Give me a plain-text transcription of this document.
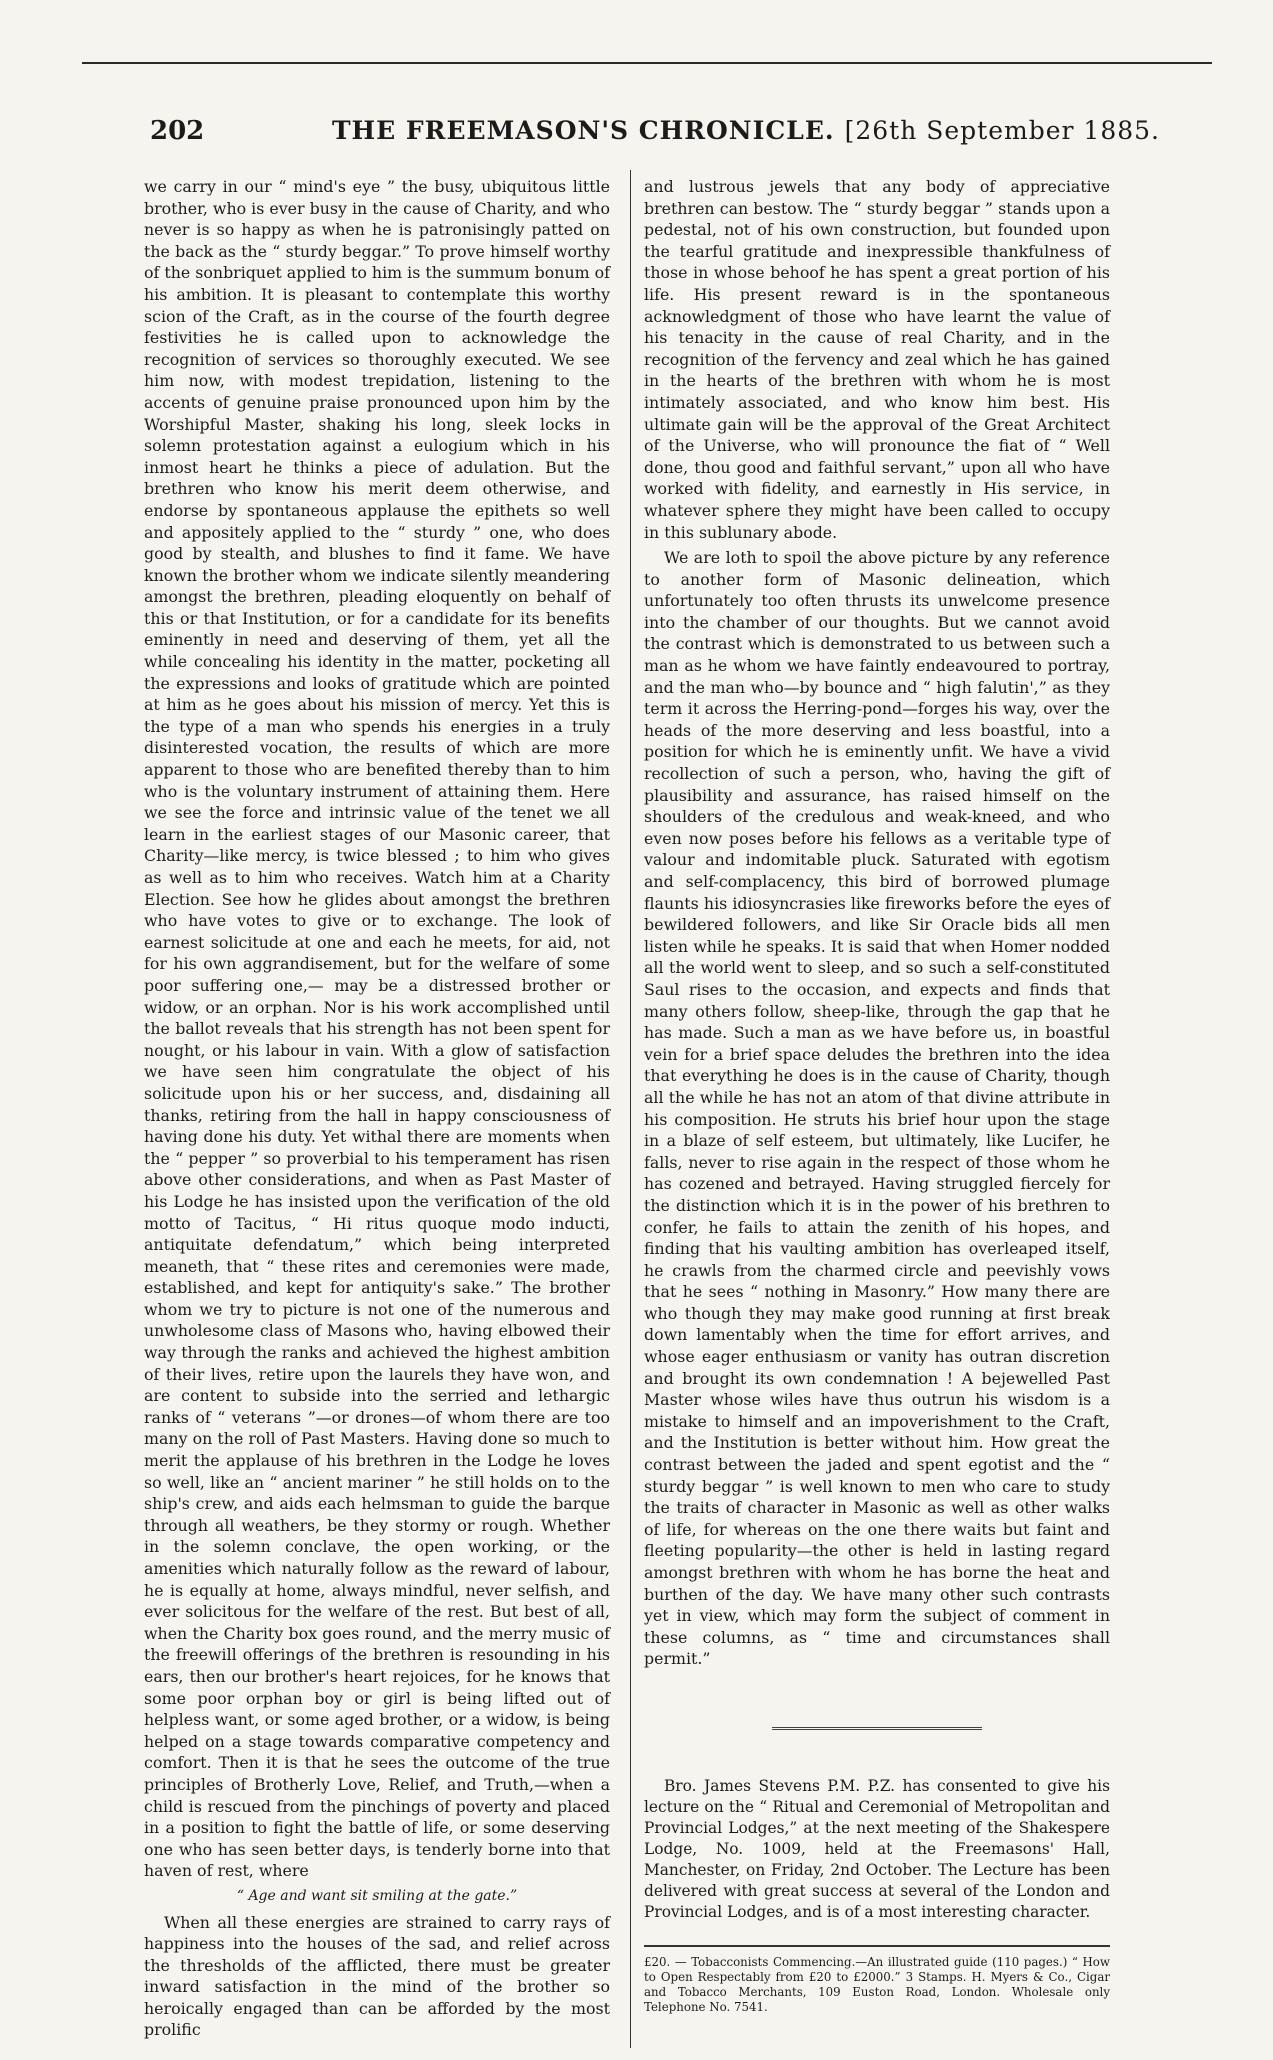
202	THE FREEMASON'S CHRONICLE. [26th September 1885.

we carry in our “ mind's eye ” the busy, ubiquitous little brother, who is ever busy in the cause of Charity, and who never is so happy as when he is patronisingly patted on the back as the “ sturdy beggar.” To prove himself worthy of the sonbriquet applied to him is the summum bonum of his ambition. It is pleasant to contemplate this worthy scion of the Craft, as in the course of the fourth degree festivities he is called upon to acknowledge the recognition of services so thoroughly executed. We see him now, with modest trepidation, listening to the accents of genuine praise pronounced upon him by the Worshipful Master, shaking his long, sleek locks in solemn protestation against a eulogium which in his inmost heart he thinks a piece of adulation. But the brethren who know his merit deem otherwise, and endorse by spontaneous applause the epithets so well and appositely applied to the “ sturdy ” one, who does good by stealth, and blushes to find it fame. We have known the brother whom we indicate silently meandering amongst the brethren, pleading eloquently on behalf of this or that Institution, or for a candidate for its benefits eminently in need and deserving of them, yet all the while concealing his identity in the matter, pocketing all the expressions and looks of gratitude which are pointed at him as he goes about his mission of mercy. Yet this is the type of a man who spends his energies in a truly disinterested vocation, the results of which are more apparent to those who are benefited thereby than to him who is the voluntary instrument of attaining them. Here we see the force and intrinsic value of the tenet we all learn in the earliest stages of our Masonic career, that Charity—like mercy, is twice blessed ; to him who gives as well as to him who receives. Watch him at a Charity Election. See how he glides about amongst the brethren who have votes to give or to exchange. The look of earnest solicitude at one and each he meets, for aid, not for his own aggrandisement, but for the welfare of some poor suffering one,— may be a distressed brother or widow, or an orphan. Nor is his work accomplished until the ballot reveals that his strength has not been spent for nought, or his labour in vain. With a glow of satisfaction we have seen him congratulate the object of his solicitude upon his or her success, and, disdaining all thanks, retiring from the hall in happy consciousness of having done his duty. Yet withal there are moments when the “ pepper ” so proverbial to his temperament has risen above other considerations, and when as Past Master of his Lodge he has insisted upon the verification of the old motto of Tacitus, “ Hi ritus quoque modo inducti, antiquitate defendatum,” which being interpreted meaneth, that “ these rites and ceremonies were made, established, and kept for antiquity's sake.” The brother whom we try to picture is not one of the numerous and unwholesome class of Masons who, having elbowed their way through the ranks and achieved the highest ambition of their lives, retire upon the laurels they have won, and are content to subside into the serried and lethargic ranks of “ veterans ”—or drones—of whom there are too many on the roll of Past Masters. Having done so much to merit the applause of his brethren in the Lodge he loves so well, like an “ ancient mariner ” he still holds on to the ship's crew, and aids each helmsman to guide the barque through all weathers, be they stormy or rough. Whether in the solemn conclave, the open working, or the amenities which naturally follow as the reward of labour, he is equally at home, always mindful, never selfish, and ever solicitous for the welfare of the rest. But best of all, when the Charity box goes round, and the merry music of the freewill offerings of the brethren is resounding in his ears, then our brother's heart rejoices, for he knows that some poor orphan boy or girl is being lifted out of helpless want, or some aged brother, or a widow, is being helped on a stage towards comparative competency and comfort. Then it is that he sees the outcome of the true principles of Brotherly Love, Relief, and Truth,—when a child is rescued from the pinchings of poverty and placed in a position to fight the battle of life, or some deserving one who has seen better days, is tenderly borne into that haven of rest, where

“ Age and want sit smiling at the gate.”

When all these energies are strained to carry rays of happiness into the houses of the sad, and relief across the thresholds of the afflicted, there must be greater inward satisfaction in the mind of the brother so heroically engaged than can be afforded by the most prolific

and lustrous jewels that any body of appreciative brethren can bestow. The “ sturdy beggar ” stands upon a pedestal, not of his own construction, but founded upon the tearful gratitude and inexpressible thankfulness of those in whose behoof he has spent a great portion of his life. His present reward is in the spontaneous acknowledgment of those who have learnt the value of his tenacity in the cause of real Charity, and in the recognition of the fervency and zeal which he has gained in the hearts of the brethren with whom he is most intimately associated, and who know him best. His ultimate gain will be the approval of the Great Architect of the Universe, who will pronounce the fiat of “ Well done, thou good and faithful servant,” upon all who have worked with fidelity, and earnestly in His service, in whatever sphere they might have been called to occupy in this sublunary abode.

We are loth to spoil the above picture by any reference to another form of Masonic delineation, which unfortunately too often thrusts its unwelcome presence into the chamber of our thoughts. But we cannot avoid the contrast which is demonstrated to us between such a man as he whom we have faintly endeavoured to portray, and the man who—by bounce and “ high falutin',” as they term it across the Herring-pond—forges his way, over the heads of the more deserving and less boastful, into a position for which he is eminently unfit. We have a vivid recollection of such a person, who, having the gift of plausibility and assurance, has raised himself on the shoulders of the credulous and weak-kneed, and who even now poses before his fellows as a veritable type of valour and indomitable pluck. Saturated with egotism and self-complacency, this bird of borrowed plumage flaunts his idiosyncrasies like fireworks before the eyes of bewildered followers, and like Sir Oracle bids all men listen while he speaks. It is said that when Homer nodded all the world went to sleep, and so such a self-constituted Saul rises to the occasion, and expects and finds that many others follow, sheep-like, through the gap that he has made. Such a man as we have before us, in boastful vein for a brief space deludes the brethren into the idea that everything he does is in the cause of Charity, though all the while he has not an atom of that divine attribute in his composition. He struts his brief hour upon the stage in a blaze of self esteem, but ultimately, like Lucifer, he falls, never to rise again in the respect of those whom he has cozened and betrayed. Having struggled fiercely for the distinction which it is in the power of his brethren to confer, he fails to attain the zenith of his hopes, and finding that his vaulting ambition has overleaped itself, he crawls from the charmed circle and peevishly vows that he sees “ nothing in Masonry.” How many there are who though they may make good running at first break down lamentably when the time for effort arrives, and whose eager enthusiasm or vanity has outran discretion and brought its own condemnation ! A bejewelled Past Master whose wiles have thus outrun his wisdom is a mistake to himself and an impoverishment to the Craft, and the Institution is better without him. How great the contrast between the jaded and spent egotist and the “ sturdy beggar ” is well known to men who care to study the traits of character in Masonic as well as other walks of life, for whereas on the one there waits but faint and fleeting popularity—the other is held in lasting regard amongst brethren with whom he has borne the heat and burthen of the day. We have many other such contrasts yet in view, which may form the subject of comment in these columns, as “ time and circumstances shall permit.”

Bro. James Stevens P.M. P.Z. has consented to give his lecture on the “ Ritual and Ceremonial of Metropolitan and Provincial Lodges,” at the next meeting of the Shakespere Lodge, No. 1009, held at the Freemasons' Hall, Manchester, on Friday, 2nd October. The Lecture has been delivered with great success at several of the London and Provincial Lodges, and is of a most interesting character.

£20. — Tobacconists Commencing.—An illustrated guide (110 pages.) “ How to Open Respectably from £20 to £2000.” 3 Stamps. H. Myers & Co., Cigar and Tobacco Merchants, 109 Euston Road, London. Wholesale only Telephone No. 7541.
